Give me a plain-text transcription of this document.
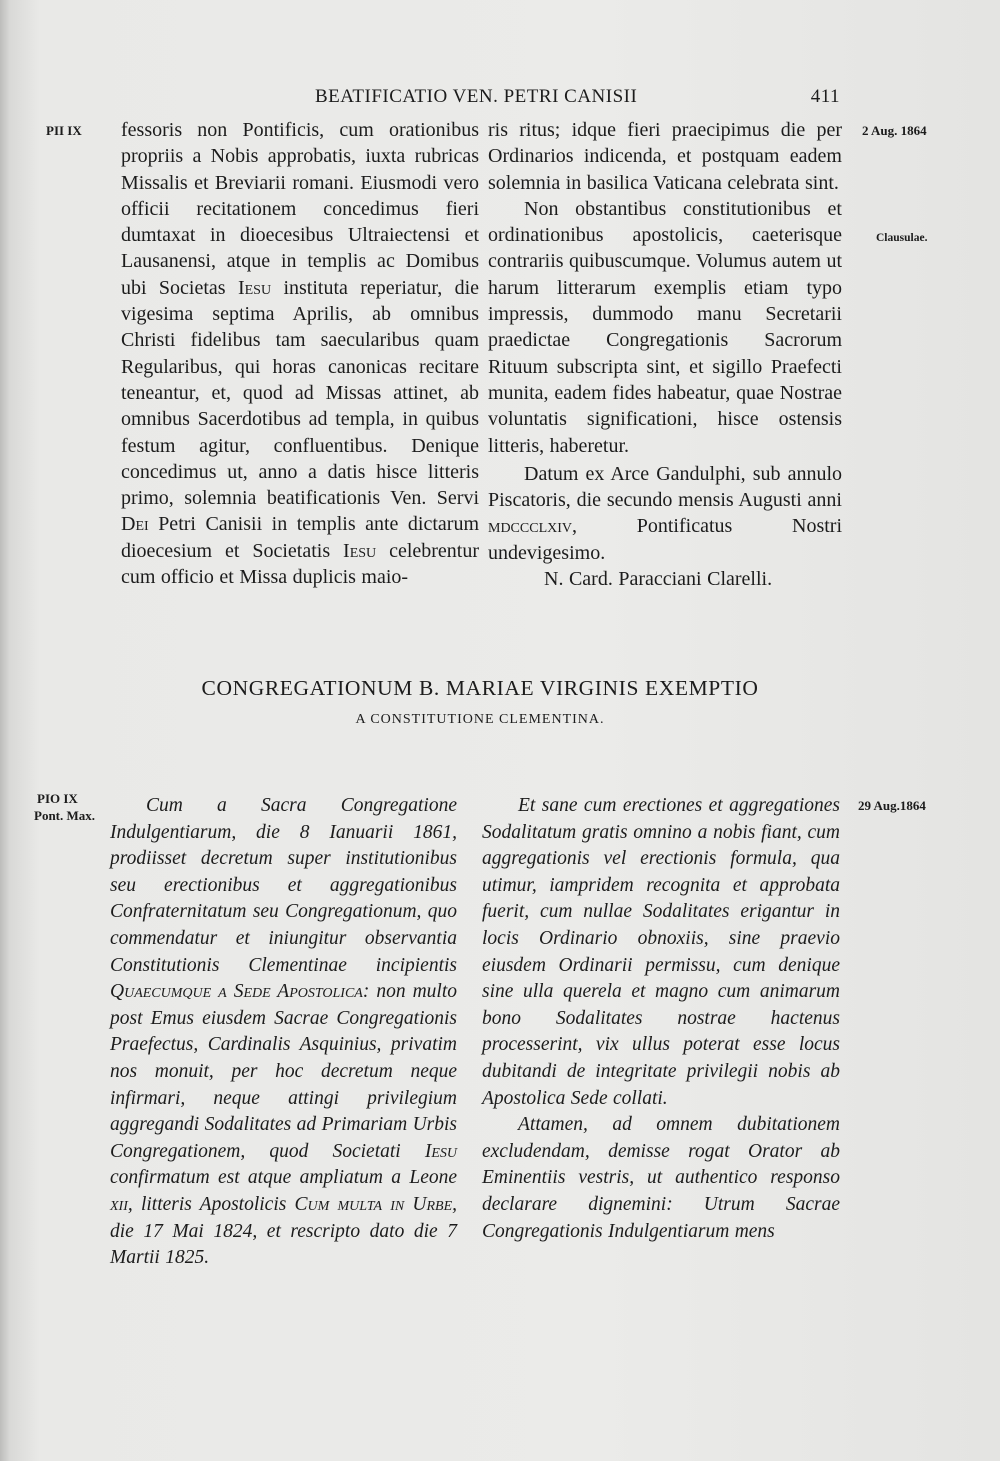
BEATIFICATIO VEN. PETRI CANISII	411
PII IX	2 Aug. 1864
Clausulae.
PIO IX
Pont. Max.
29 Aug.1864

fessoris non Pontificis, cum orationibus propriis a Nobis approbatis, iuxta rubricas Missalis et Breviarii romani. Eiusmodi vero officii recitationem concedimus fieri dumtaxat in dioecesibus Ultraiectensi et Lausanensi, atque in templis ac Domibus ubi Societas Iesu instituta reperiatur, die vigesima septima Aprilis, ab omnibus Christi fidelibus tam saecularibus quam Regularibus, qui horas canonicas recitare teneantur, et, quod ad Missas attinet, ab omnibus Sacerdotibus ad templa, in quibus festum agitur, confluentibus. Denique concedimus ut, anno a datis hisce litteris primo, solemnia beatificationis Ven. Servi Dei Petri Canisii in templis ante dictarum dioecesium et Societatis Iesu celebrentur cum officio et Missa duplicis maio-

ris ritus; idque fieri praecipimus die per Ordinarios indicenda, et postquam eadem solemnia in basilica Vaticana celebrata sint.

Non obstantibus constitutionibus et ordinationibus apostolicis, caeterisque contrariis quibuscumque. Volumus autem ut harum litterarum exemplis etiam typo impressis, dummodo manu Secretarii praedictae Congregationis Sacrorum Rituum subscripta sint, et sigillo Praefecti munita, eadem fides habeatur, quae Nostrae voluntatis significationi, hisce ostensis litteris, haberetur.

Datum ex Arce Gandulphi, sub annulo Piscatoris, die secundo mensis Augusti anni mdccclxiv, Pontificatus Nostri undevigesimo.

N. Card. Paracciani Clarelli.

CONGREGATIONUM B. MARIAE VIRGINIS EXEMPTIO
A CONSTITUTIONE CLEMENTINA.

Cum a Sacra Congregatione Indulgentiarum, die 8 Ianuarii 1861, prodiisset decretum super institutionibus seu erectionibus et aggregationibus Confraternitatum seu Congregationum, quo commendatur et iniungitur observantia Constitutionis Clementinae incipientis Quaecumque a Sede Apostolica: non multo post Emus eiusdem Sacrae Congregationis Praefectus, Cardinalis Asquinius, privatim nos monuit, per hoc decretum neque infirmari, neque attingi privilegium aggregandi Sodalitates ad Primariam Urbis Congregationem, quod Societati Iesu confirmatum est atque ampliatum a Leone xii, litteris Apostolicis Cum multa in Urbe, die 17 Mai 1824, et rescripto dato die 7 Martii 1825.

Et sane cum erectiones et aggregationes Sodalitatum gratis omnino a nobis fiant, cum aggregationis vel erectionis formula, qua utimur, iampridem recognita et approbata fuerit, cum nullae Sodalitates erigantur in locis Ordinario obnoxiis, sine praevio eiusdem Ordinarii permissu, cum denique sine ulla querela et magno cum animarum bono Sodalitates nostrae hactenus processerint, vix ullus poterat esse locus dubitandi de integritate privilegii nobis ab Apostolica Sede collati.

Attamen, ad omnem dubitationem excludendam, demisse rogat Orator ab Eminentiis vestris, ut authentico responso declarare dignemini: Utrum Sacrae Congregationis Indulgentiarum mens
